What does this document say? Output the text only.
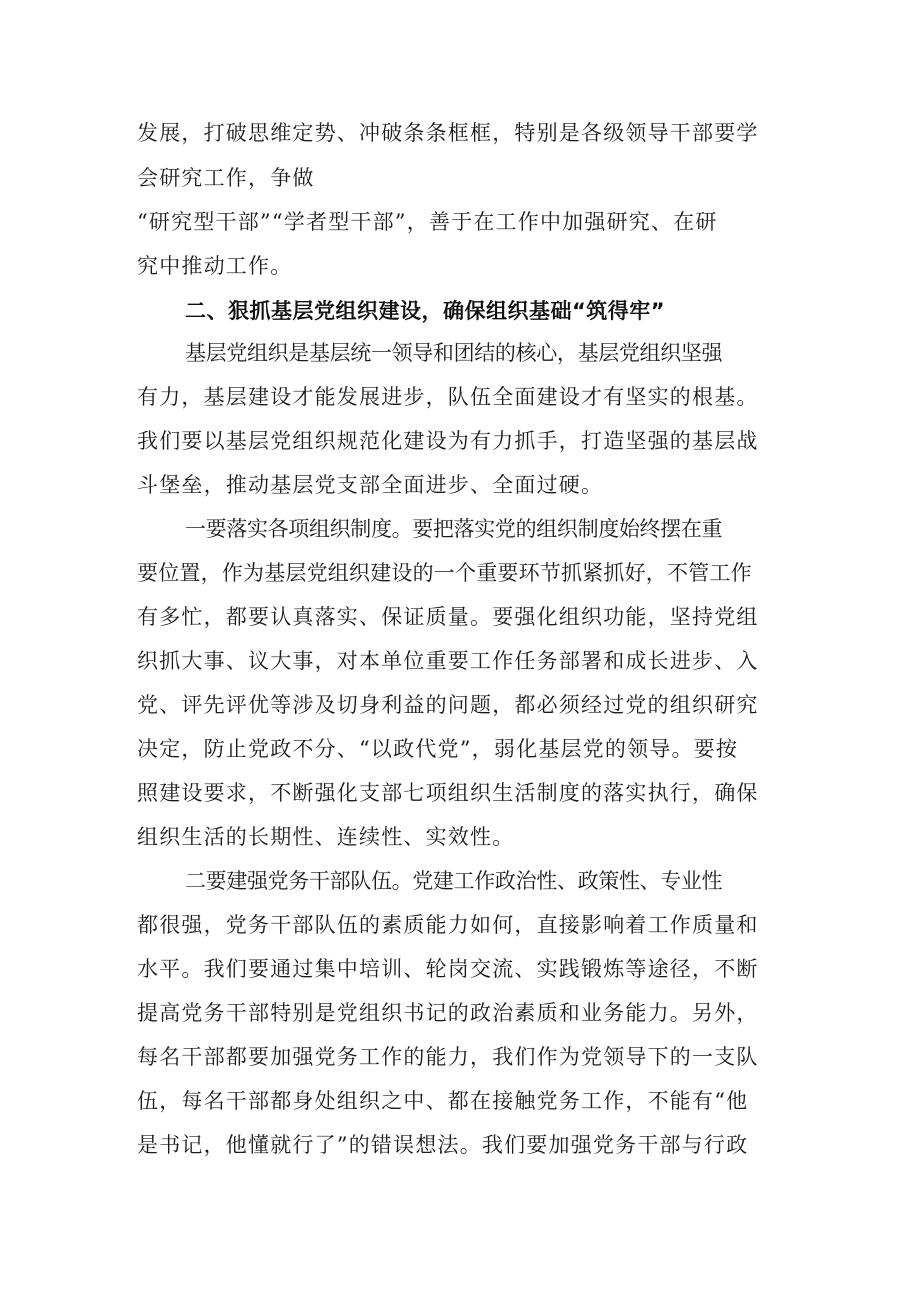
发展，打破思维定势、冲破条条框框，特别是各级领导干部要学
会研究工作，争做
“研究型干部”“学者型干部”，善于在工作中加强研究、在研
究中推动工作。
二、狠抓基层党组织建设，确保组织基础“筑得牢”
基层党组织是基层统一领导和团结的核心，基层党组织坚强
有力，基层建设才能发展进步，队伍全面建设才有坚实的根基。
我们要以基层党组织规范化建设为有力抓手，打造坚强的基层战
斗堡垒，推动基层党支部全面进步、全面过硬。
一要落实各项组织制度。要把落实党的组织制度始终摆在重
要位置，作为基层党组织建设的一个重要环节抓紧抓好，不管工作
有多忙，都要认真落实、保证质量。要强化组织功能，坚持党组
织抓大事、议大事，对本单位重要工作任务部署和成长进步、入
党、评先评优等涉及切身利益的问题，都必须经过党的组织研究
决定，防止党政不分、“以政代党”，弱化基层党的领导。要按
照建设要求，不断强化支部七项组织生活制度的落实执行，确保
组织生活的长期性、连续性、实效性。
二要建强党务干部队伍。党建工作政治性、政策性、专业性
都很强，党务干部队伍的素质能力如何，直接影响着工作质量和
水平。我们要通过集中培训、轮岗交流、实践锻炼等途径，不断
提高党务干部特别是党组织书记的政治素质和业务能力。另外，
每名干部都要加强党务工作的能力，我们作为党领导下的一支队
伍，每名干部都身处组织之中、都在接触党务工作，不能有“他
是书记，他懂就行了”的错误想法。我们要加强党务干部与行政
